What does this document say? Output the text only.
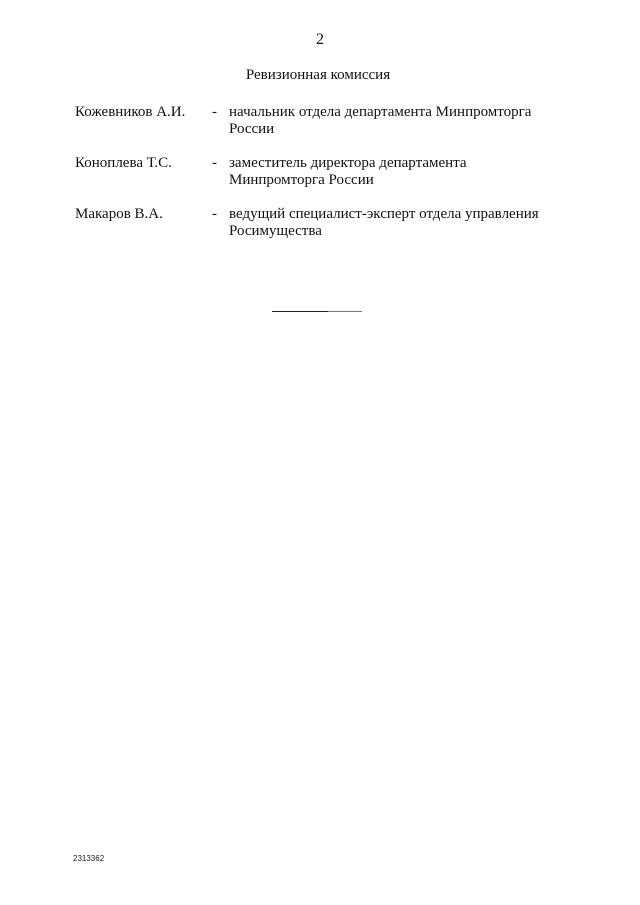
2
Ревизионная комиссия
Кожевников А.И. - начальник отдела департамента Минпромторга России
Коноплева Т.С.	- заместитель директора департамента Минпромторга России
Макаров В.А.	- ведущий специалист-эксперт отдела управления Росимущества
2313362
